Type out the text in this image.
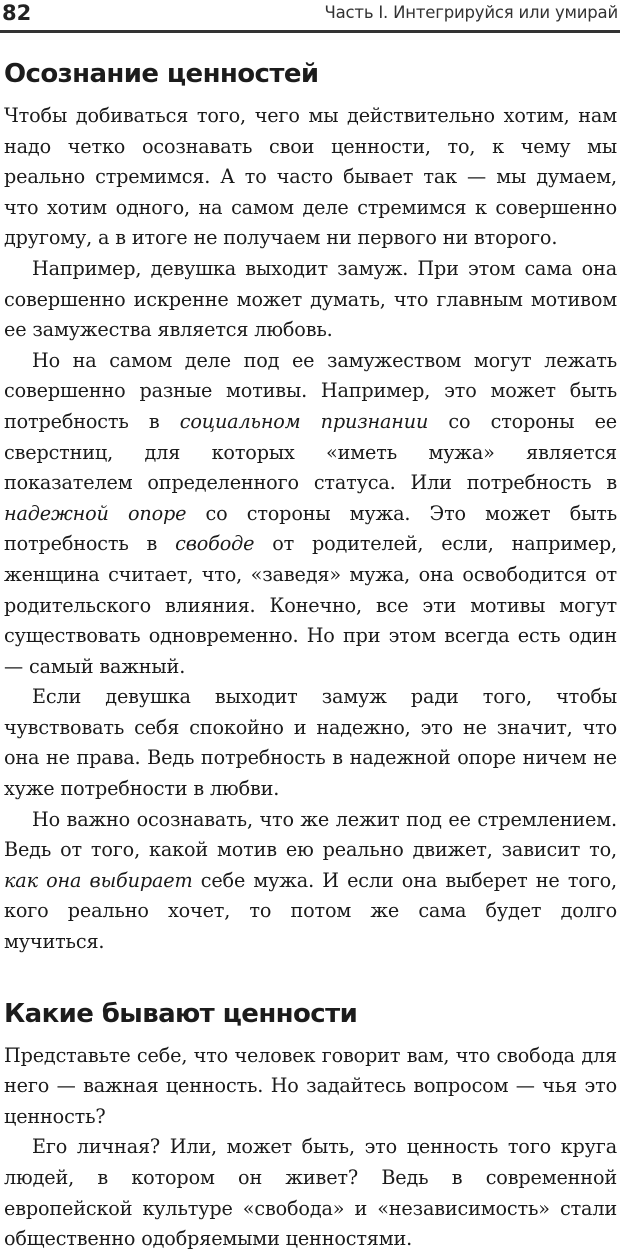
82	Часть I. Интегрируйся или умирай
Осознание ценностей

Чтобы добиваться того, чего мы действительно хотим, нам надо четко осознавать свои ценности, то, к чему мы реально стремимся. А то часто бывает так — мы думаем, что хотим одного, на самом деле стремимся к совершенно другому, а в итоге не получаем ни первого ни второго.

Например, девушка выходит замуж. При этом сама она совершенно искренне может думать, что главным мотивом ее замужества является любовь.

Но на самом деле под ее замужеством могут лежать совершенно разные мотивы. Например, это может быть потребность в социальном признании со стороны ее сверстниц, для которых «иметь мужа» является показателем определенного статуса. Или потребность в надежной опоре со стороны мужа. Это может быть потребность в свободе от родителей, если, например, женщина считает, что, «заведя» мужа, она освободится от родительского влияния. Конечно, все эти мотивы могут существовать одновременно. Но при этом всегда есть один — самый важный.

Если девушка выходит замуж ради того, чтобы чувствовать себя спокойно и надежно, это не значит, что она не права. Ведь потребность в надежной опоре ничем не хуже потребности в любви.

Но важно осознавать, что же лежит под ее стремлением. Ведь от того, какой мотив ею реально движет, зависит то, как она выбирает себе мужа. И если она выберет не того, кого реально хочет, то потом же сама будет долго мучиться.

Какие бывают ценности

Представьте себе, что человек говорит вам, что свобода для него — важная ценность. Но задайтесь вопросом — чья это ценность?

Его личная? Или, может быть, это ценность того круга людей, в котором он живет? Ведь в современной европейской культуре «свобода» и «независимость» стали общественно одобряемыми ценностями.
